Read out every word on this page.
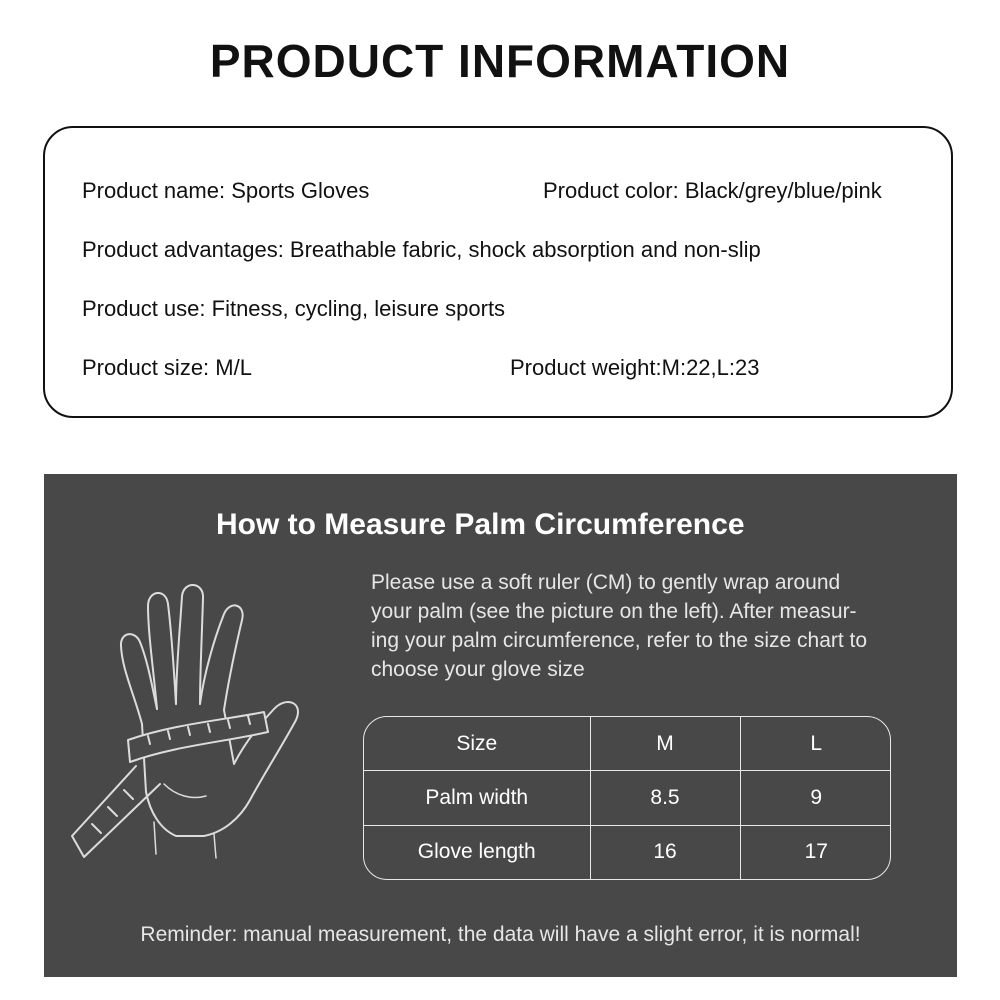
PRODUCT INFORMATION
Product name: Sports Gloves	Product color: Black/grey/blue/pink
Product advantages: Breathable fabric, shock absorption and non-slip
Product use: Fitness, cycling, leisure sports
Product size: M/L	Product weight:M:22,L:23
How to Measure Palm Circumference
Please use a soft ruler (CM) to gently wrap around
your palm (see the picture on the left). After measur-
ing your palm circumference, refer to the size chart to
choose your glove size
Size	M	L
Palm width	8.5	9
Glove length	16	17
Reminder: manual measurement, the data will have a slight error, it is normal!
